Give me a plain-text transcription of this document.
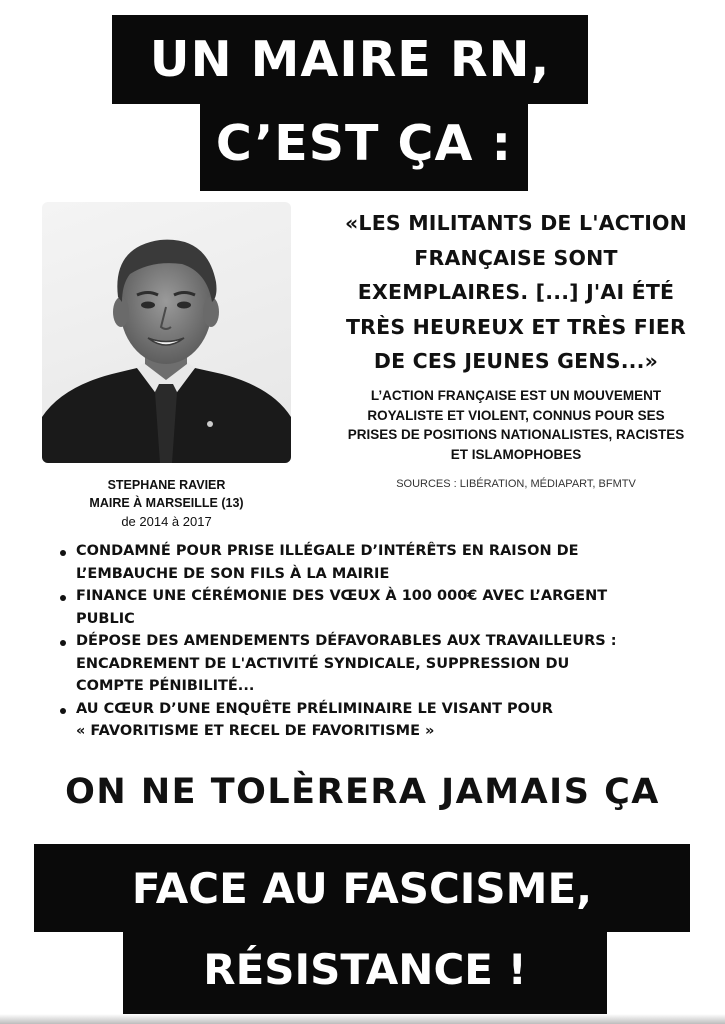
UN MAIRE RN,
C’EST ÇA :
STEPHANE RAVIER
MAIRE À MARSEILLE (13)
de 2014 à 2017
«LES MILITANTS DE L'ACTION
FRANÇAISE SONT
EXEMPLAIRES. [...] J'AI ÉTÉ
TRÈS HEUREUX ET TRÈS FIER
DE CES JEUNES GENS...»
L’ACTION FRANÇAISE EST UN MOUVEMENT
ROYALISTE ET VIOLENT, CONNUS POUR SES
PRISES DE POSITIONS NATIONALISTES, RACISTES
ET ISLAMOPHOBES
SOURCES : LIBÉRATION, MÉDIAPART, BFMTV
CONDAMNÉ POUR PRISE ILLÉGALE D’INTÉRÊTS EN RAISON DE
L’EMBAUCHE DE SON FILS À LA MAIRIE
FINANCE UNE CÉRÉMONIE DES VŒUX À 100 000€ AVEC L’ARGENT
PUBLIC
DÉPOSE DES AMENDEMENTS DÉFAVORABLES AUX TRAVAILLEURS :
ENCADREMENT DE L'ACTIVITÉ SYNDICALE, SUPPRESSION DU
COMPTE PÉNIBILITÉ...
AU CŒUR D’UNE ENQUÊTE PRÉLIMINAIRE LE VISANT POUR
« FAVORITISME ET RECEL DE FAVORITISME »
ON NE TOLÈRERA JAMAIS ÇA
FACE AU FASCISME,
RÉSISTANCE !
